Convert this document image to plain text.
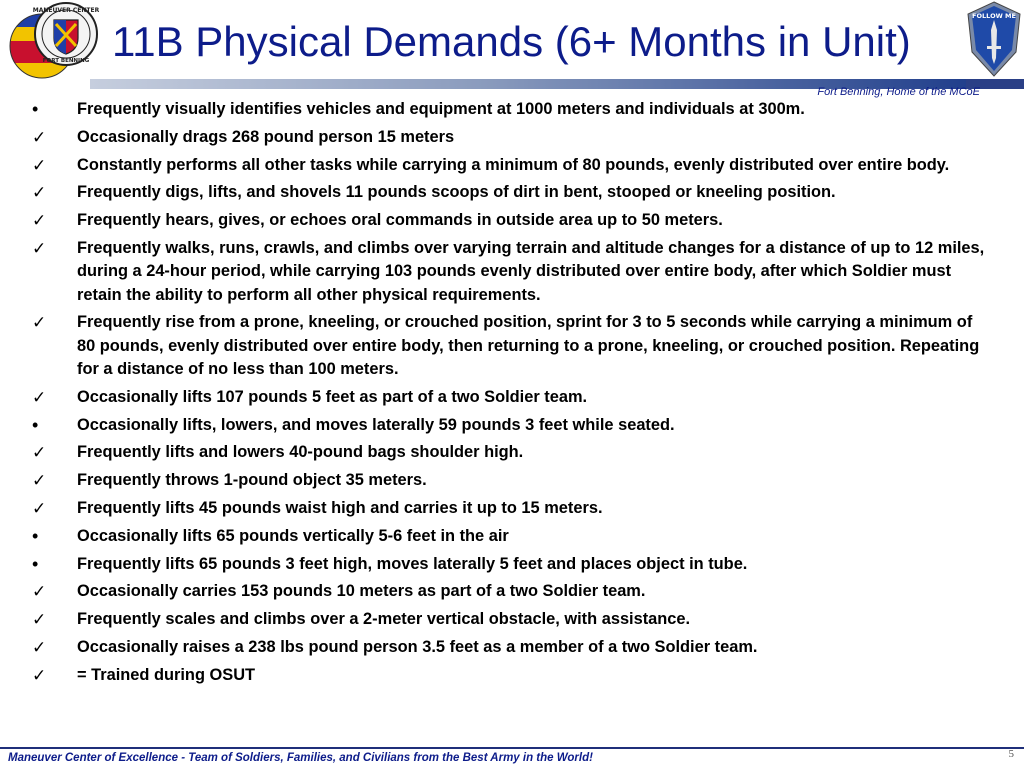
MANEUVER CENTER
FORT BENNING 11B Physical Demands (6+ Months in Unit)
FOLLOW ME
Fort Benning, Home of the MCoE
•	Frequently visually identifies vehicles and equipment at 1000 meters and individuals at 300m.
✓	Occasionally drags 268 pound person 15 meters
✓	Constantly performs all other tasks while carrying a minimum of 80 pounds, evenly distributed over entire body.
✓	Frequently digs, lifts, and shovels 11 pounds scoops of dirt in bent, stooped or kneeling position.
✓	Frequently hears, gives, or echoes oral commands in outside area up to 50 meters.
✓	Frequently walks, runs, crawls, and climbs over varying terrain and altitude changes for a distance of up to 12 miles, during a 24-hour period, while carrying 103 pounds evenly distributed over entire body, after which Soldier must retain the ability to perform all other physical requirements.
✓	Frequently rise from a prone, kneeling, or crouched position, sprint for 3 to 5 seconds while carrying a minimum of 80 pounds, evenly distributed over entire body, then returning to a prone, kneeling, or crouched position. Repeating for a distance of no less than 100 meters.
✓	Occasionally lifts 107 pounds 5 feet as part of a two Soldier team.
•	Occasionally lifts, lowers, and moves laterally 59 pounds 3 feet while seated.
✓	Frequently lifts and lowers 40-pound bags shoulder high.
✓	Frequently throws 1-pound object 35 meters.
✓	Frequently lifts 45 pounds waist high and carries it up to 15 meters.
•	Occasionally lifts 65 pounds vertically 5-6 feet in the air
•	Frequently lifts 65 pounds 3 feet high, moves laterally 5 feet and places object in tube.
✓	Occasionally carries 153 pounds 10 meters as part of a two Soldier team.
✓	Frequently scales and climbs over a 2-meter vertical obstacle, with assistance.
✓	Occasionally raises a 238 lbs pound person 3.5 feet as a member of a two Soldier team.
✓	= Trained during OSUT
Maneuver Center of Excellence - Team of Soldiers, Families, and Civilians from the Best Army in the World!	5
